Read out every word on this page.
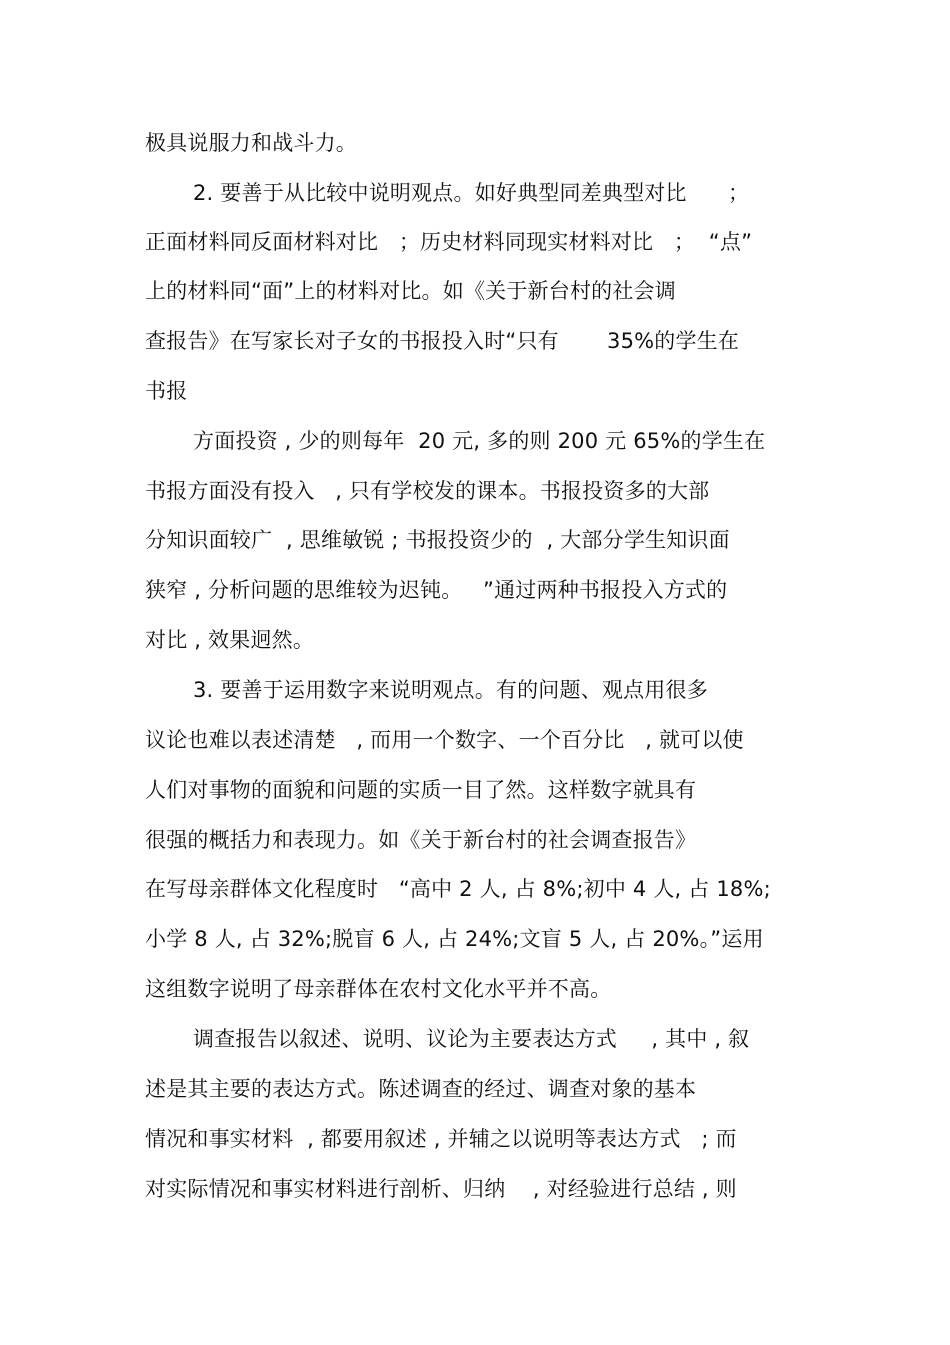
极具说服力和战斗力。
2. 要善于从比较中说明观点。如好典型同差典型对比      ；
正面材料同反面材料对比   ；历史材料同现实材料对比   ；  “点”
上的材料同“面”上的材料对比。如《关于新台村的社会调
查报告》在写家长对子女的书报投入时“只有       35%的学生在
书报
方面投资 , 少的则每年  20 元, 多的则 200 元 65%的学生在
书报方面没有投入   , 只有学校发的课本。书报投资多的大部
分知识面较广  , 思维敏锐 ; 书报投资少的  , 大部分学生知识面
狭窄 , 分析问题的思维较为迟钝。   ”通过两种书报投入方式的
对比 , 效果迥然。
3. 要善于运用数字来说明观点。有的问题、观点用很多
议论也难以表述清楚   , 而用一个数字、一个百分比   , 就可以使
人们对事物的面貌和问题的实质一目了然。这样数字就具有
很强的概括力和表现力。如《关于新台村的社会调查报告》
在写母亲群体文化程度时   “高中 2 人, 占 8%;初中 4 人, 占 18%;
小学 8 人, 占 32%;脱盲 6 人, 占 24%;文盲 5 人, 占 20%。”运用
这组数字说明了母亲群体在农村文化水平并不高。
调查报告以叙述、说明、议论为主要表达方式     , 其中 , 叙
述是其主要的表达方式。陈述调查的经过、调查对象的基本
情况和事实材料  , 都要用叙述 , 并辅之以说明等表达方式   ; 而
对实际情况和事实材料进行剖析、归纳    , 对经验进行总结 , 则
